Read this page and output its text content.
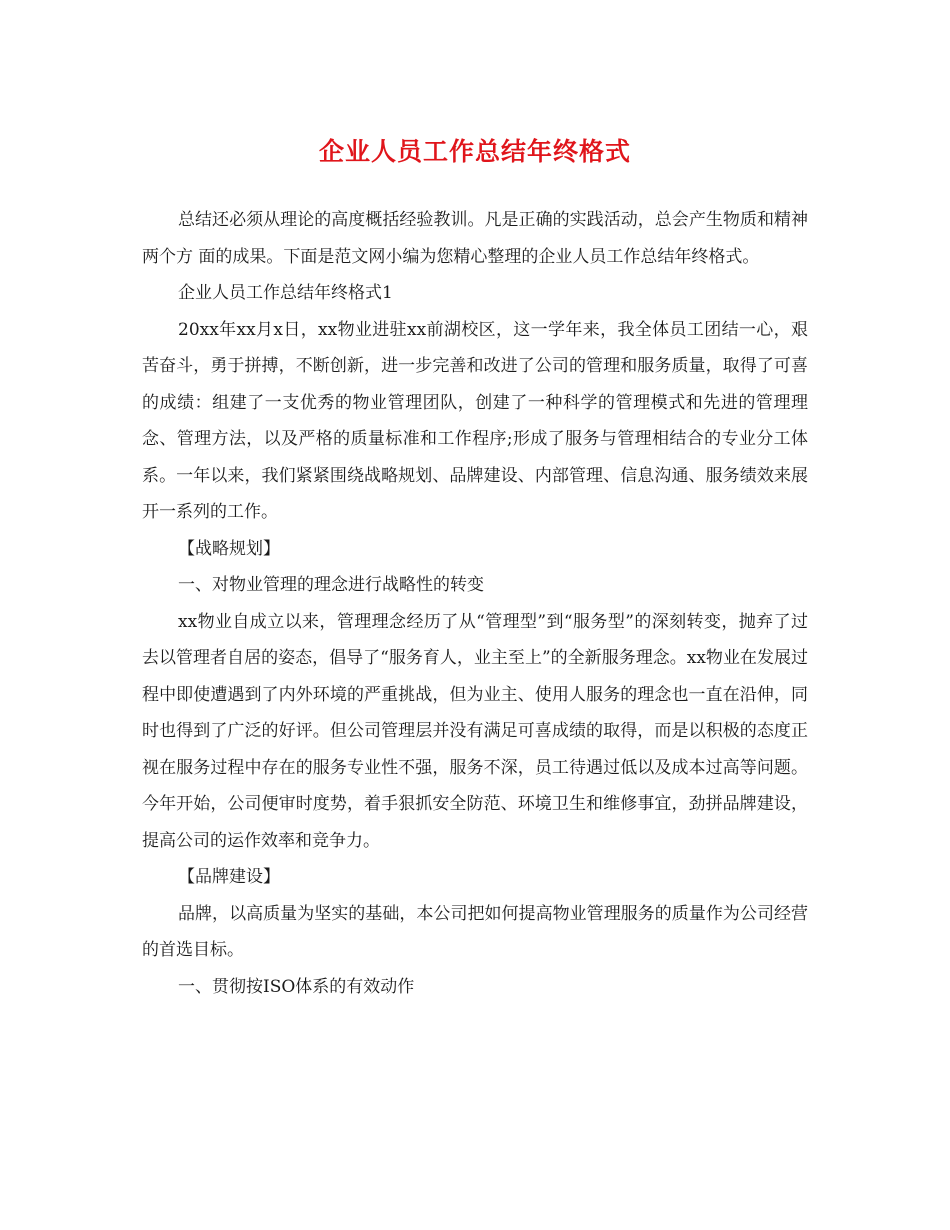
企业人员工作总结年终格式

总结还必须从理论的高度概括经验教训。凡是正确的实践活动，总会产生物质和精神两个方 面的成果。下面是范文网小编为您精心整理的企业人员工作总结年终格式。

企业人员工作总结年终格式1

20xx年xx月x日，xx物业进驻xx前湖校区，这一学年来，我全体员工团结一心，艰苦奋斗，勇于拼搏，不断创新，进一步完善和改进了公司的管理和服务质量，取得了可喜的成绩：组建了一支优秀的物业管理团队，创建了一种科学的管理模式和先进的管理理念、管理方法，以及严格的质量标准和工作程序;形成了服务与管理相结合的专业分工体系。一年以来，我们紧紧围绕战略规划、品牌建设、内部管理、信息沟通、服务绩效来展开一系列的工作。

【战略规划】

一、对物业管理的理念进行战略性的转变

xx物业自成立以来，管理理念经历了从“管理型”到“服务型”的深刻转变，抛弃了过去以管理者自居的姿态，倡导了“服务育人，业主至上”的全新服务理念。xx物业在发展过程中即使遭遇到了内外环境的严重挑战，但为业主、使用人服务的理念也一直在沿伸，同时也得到了广泛的好评。但公司管理层并没有满足可喜成绩的取得，而是以积极的态度正视在服务过程中存在的服务专业性不强，服务不深，员工待遇过低以及成本过高等问题。今年开始，公司便审时度势，着手狠抓安全防范、环境卫生和维修事宜，劲拼品牌建设，提高公司的运作效率和竞争力。

【品牌建设】

品牌，以高质量为坚实的基础，本公司把如何提高物业管理服务的质量作为公司经营的首选目标。

一、贯彻按ISO体系的有效动作
